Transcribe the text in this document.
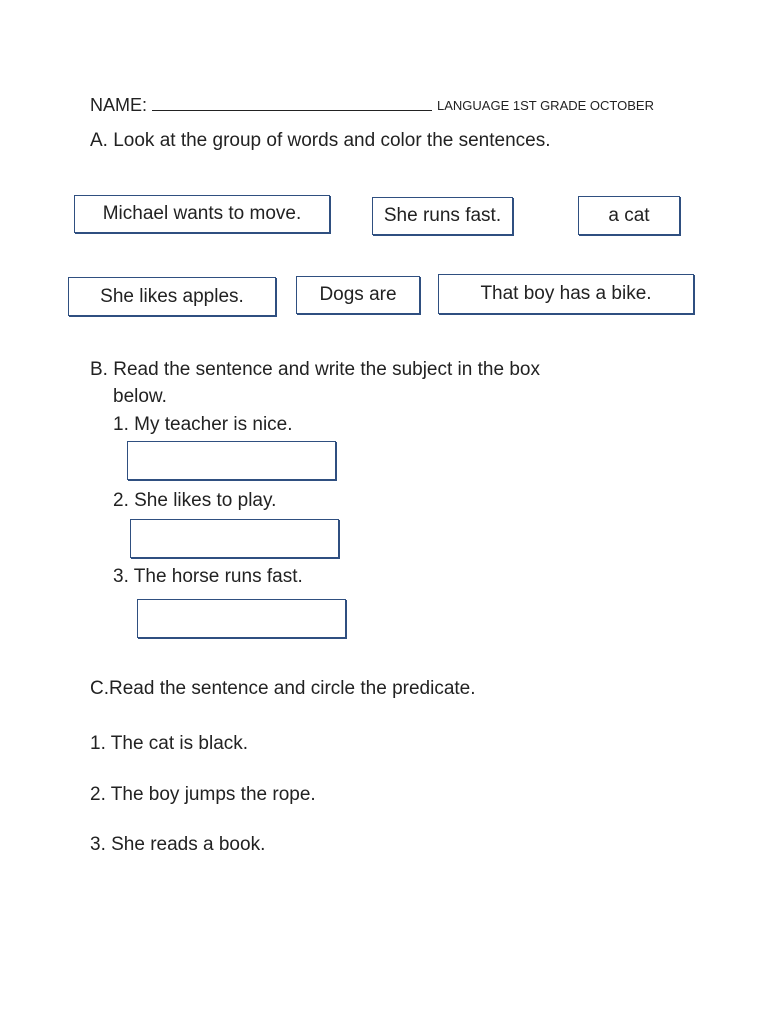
NAME:	LANGUAGE 1ST GRADE OCTOBER
A. Look at the group of words and color the sentences.
Michael wants to move.	She runs fast.	a cat
She likes apples.	Dogs are	That boy has a bike.
B. Read the sentence and write the subject in the box
below.
1. My teacher is nice.
2. She likes to play.
3. The horse runs fast.
C.Read the sentence and circle the predicate.
1. The cat is black.
2. The boy jumps the rope.
3. She reads a book.
